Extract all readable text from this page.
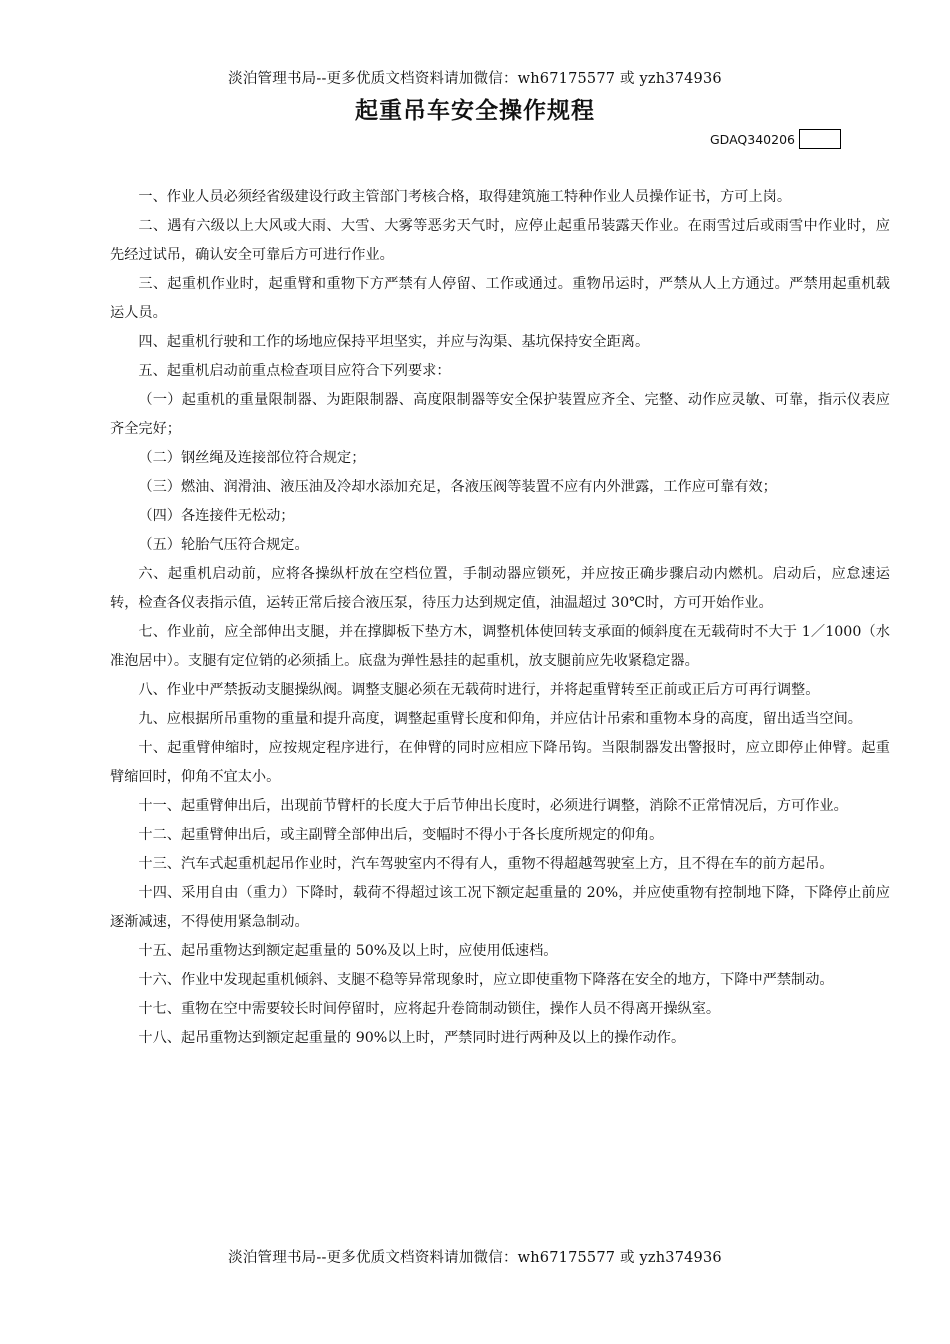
淡泊管理书局--更多优质文档资料请加微信：wh67175577 或 yzh374936
起重吊车安全操作规程
GDAQ340206

一、作业人员必须经省级建设行政主管部门考核合格，取得建筑施工特种作业人员操作证书，方可上岗。

二、遇有六级以上大风或大雨、大雪、大雾等恶劣天气时，应停止起重吊装露天作业。在雨雪过后或雨雪中作业时，应先经过试吊，确认安全可靠后方可进行作业。

三、起重机作业时，起重臂和重物下方严禁有人停留、工作或通过。重物吊运时，严禁从人上方通过。严禁用起重机载运人员。

四、起重机行驶和工作的场地应保持平坦坚实，并应与沟渠、基坑保持安全距离。

五、起重机启动前重点检查项目应符合下列要求：

（一）起重机的重量限制器、为距限制器、高度限制器等安全保护装置应齐全、完整、动作应灵敏、可靠，指示仪表应齐全完好；

（二）钢丝绳及连接部位符合规定；

（三）燃油、润滑油、液压油及冷却水添加充足，各液压阀等装置不应有内外泄露，工作应可靠有效；

（四）各连接件无松动；

（五）轮胎气压符合规定。

六、起重机启动前，应将各操纵杆放在空档位置，手制动器应锁死，并应按正确步骤启动内燃机。启动后，应怠速运转，检查各仪表指示值，运转正常后接合液压泵，待压力达到规定值，油温超过 30℃时，方可开始作业。

七、作业前，应全部伸出支腿，并在撑脚板下垫方木，调整机体使回转支承面的倾斜度在无载荷时不大于 1／1000（水准泡居中）。支腿有定位销的必须插上。底盘为弹性悬挂的起重机，放支腿前应先收紧稳定器。

八、作业中严禁扳动支腿操纵阀。调整支腿必须在无载荷时进行，并将起重臂转至正前或正后方可再行调整。

九、应根据所吊重物的重量和提升高度，调整起重臂长度和仰角，并应估计吊索和重物本身的高度，留出适当空间。

十、起重臂伸缩时，应按规定程序进行，在伸臂的同时应相应下降吊钩。当限制器发出警报时，应立即停止伸臂。起重臂缩回时，仰角不宜太小。

十一、起重臂伸出后，出现前节臂杆的长度大于后节伸出长度时，必须进行调整，消除不正常情况后，方可作业。

十二、起重臂伸出后，或主副臂全部伸出后，变幅时不得小于各长度所规定的仰角。

十三、汽车式起重机起吊作业时，汽车驾驶室内不得有人，重物不得超越驾驶室上方，且不得在车的前方起吊。

十四、采用自由（重力）下降时，载荷不得超过该工况下额定起重量的 20%，并应使重物有控制地下降，下降停止前应逐渐减速，不得使用紧急制动。

十五、起吊重物达到额定起重量的 50%及以上时，应使用低速档。

十六、作业中发现起重机倾斜、支腿不稳等异常现象时，应立即使重物下降落在安全的地方，下降中严禁制动。

十七、重物在空中需要较长时间停留时，应将起升卷筒制动锁住，操作人员不得离开操纵室。

十八、起吊重物达到额定起重量的 90%以上时，严禁同时进行两种及以上的操作动作。

淡泊管理书局--更多优质文档资料请加微信：wh67175577 或 yzh374936
